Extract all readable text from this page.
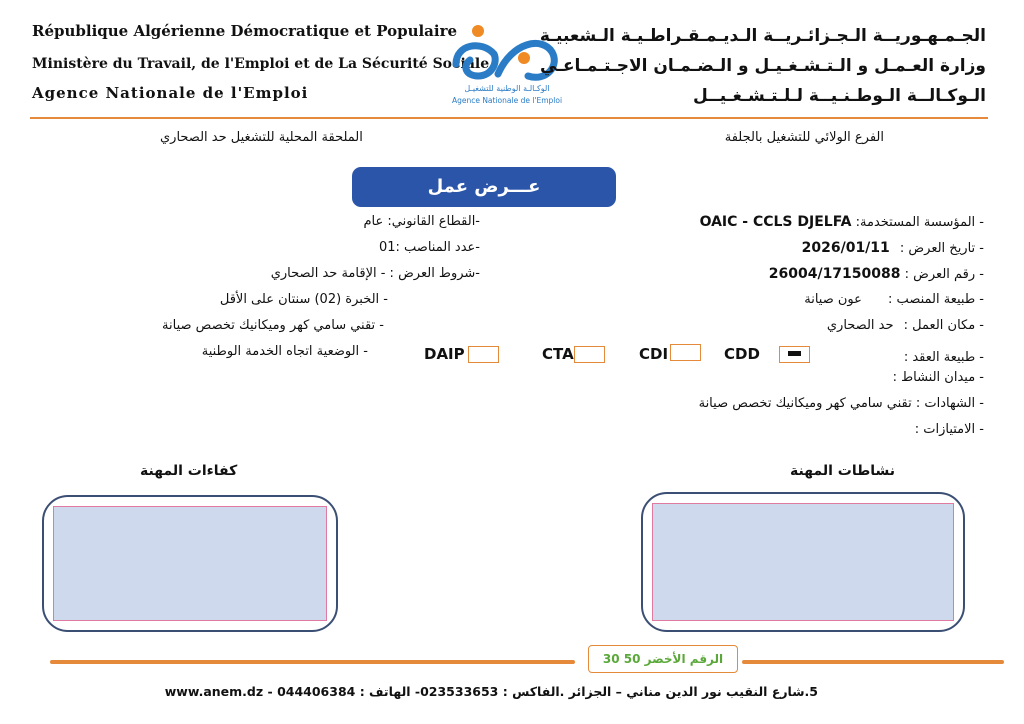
République Algérienne Démocratique et Populaire
Ministère du Travail, de l'Emploi et de La Sécurité Sociale
Agence Nationale de l'Emploi	الوكـالـة الوطنية للتشغيـل
Agence Nationale de l'Emploi
الجـمـهـوريــة الـجـزائـريــة الـديـمـقـراطـيـة الـشعبيـة
وزارة العـمـل و الـتـشـغـيـل و الـضـمـان الاجـتـمـاعـي
الـوكـالــة الـوطـنـيــة لـلـتـشـغـيــل
الملحقة المحلية للتشغيل حد الصحاري	الفرع الولائي للتشغيل بالجلفة
عـــرض عمل
- المؤسسة المستخدمة: OAIC - CCLS DJELFA
- تاريخ العرض : 2026/01/11
- رقم العرض : 26004/17150088
- طبيعة المنصب : عون صيانة
- مكان العمل : حد الصحاري
- طبيعة العقد :
- ميدان النشاط :
- الشهادات : تقني سامي كهر وميكانيك تخصص صيانة
- الامتيازات :
DAIP	CTA	CDI	CDD
-القطاع القانوني: عام
-عدد المناصب :01
-شروط العرض : - الإقامة حد الصحاري
- الخبرة (02) سنتان على الأقل
- تقني سامي كهر وميكانيك تخصص صيانة
- الوضعية اتجاه الخدمة الوطنية
نشاطات المهنة
كفاءات المهنة
الرقم الأخضر 50 30
5.شارع النقيب نور الدين مناني – الجزائر .الفاكس : 023533653- الهاتف : 044406384 - www.anem.dz
